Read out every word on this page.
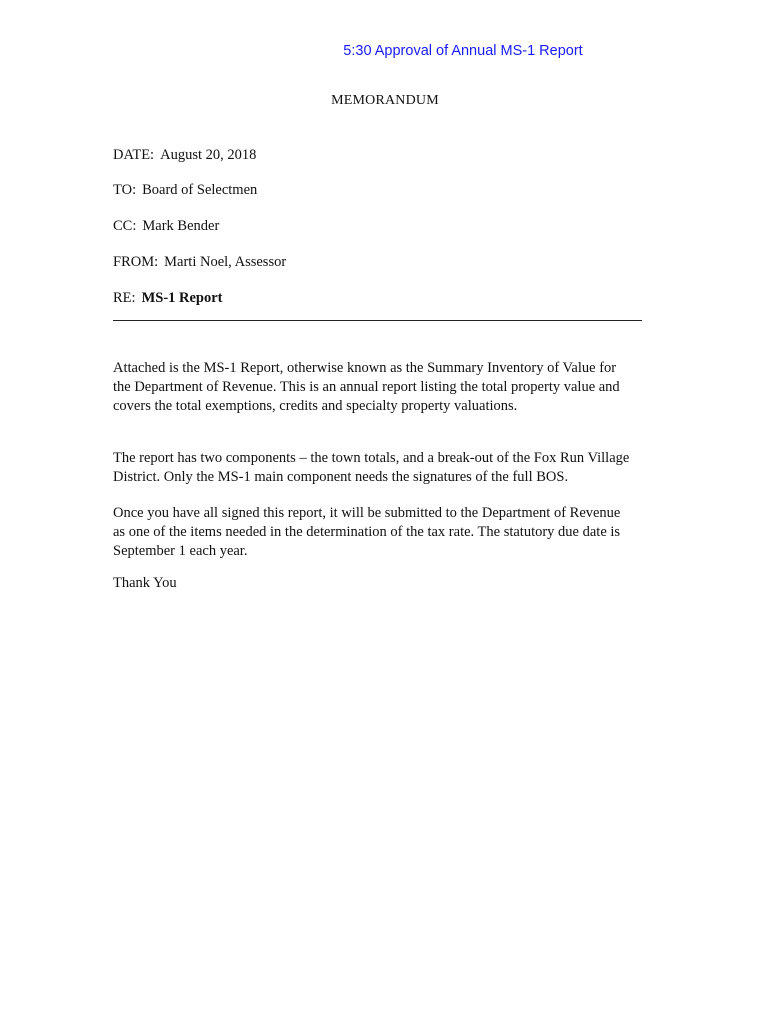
5:30 Approval of Annual MS-1 Report
MEMORANDUM
DATE: August 20, 2018
TO: Board of Selectmen
CC: Mark Bender
FROM: Marti Noel, Assessor
RE: MS-1 Report
Attached is the MS-1 Report, otherwise known as the Summary Inventory of Value for
the Department of Revenue. This is an annual report listing the total property value and
covers the total exemptions, credits and specialty property valuations.
The report has two components – the town totals, and a break-out of the Fox Run Village
District. Only the MS-1 main component needs the signatures of the full BOS.
Once you have all signed this report, it will be submitted to the Department of Revenue
as one of the items needed in the determination of the tax rate. The statutory due date is
September 1 each year.
Thank You
